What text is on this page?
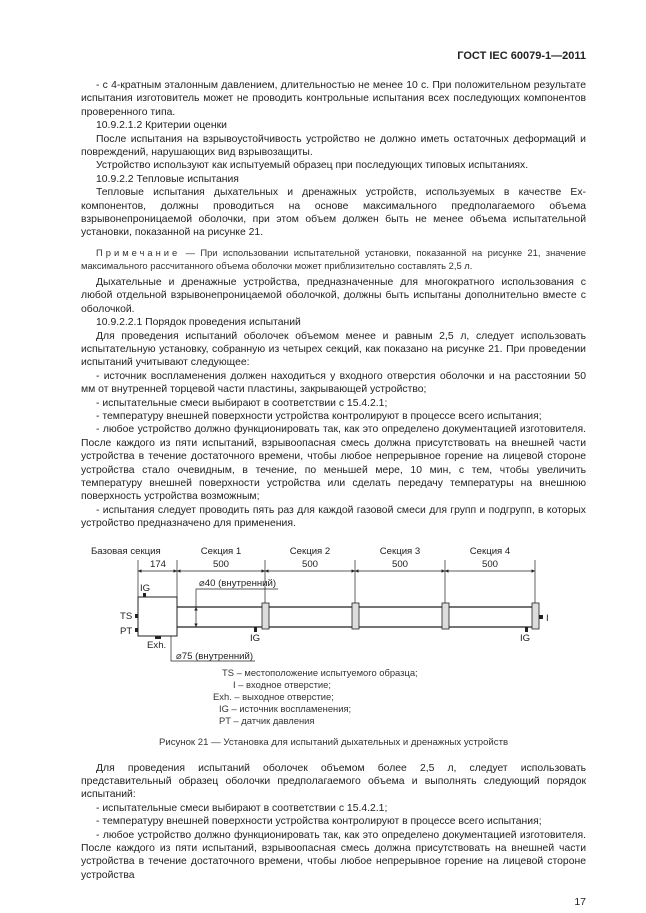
ГОСТ IEC 60079-1—2011

- с 4-кратным эталонным давлением, длительностью не менее 10 с. При положительном результате испытания изготовитель может не проводить контрольные испытания всех последующих компонентов проверенного типа.

10.9.2.1.2 Критерии оценки

После испытания на взрывоустойчивость устройство не должно иметь остаточных деформаций и повреждений, нарушающих вид взрывозащиты.

Устройство используют как испытуемый образец при последующих типовых испытаниях.

10.9.2.2 Тепловые испытания

Тепловые испытания дыхательных и дренажных устройств, используемых в качестве Ex-компонентов, должны проводиться на основе максимального предполагаемого объема взрывонепроницаемой оболочки, при этом объем должен быть не менее объема испытательной установки, показанной на рисунке 21.

Примечание — При использовании испытательной установки, показанной на рисунке 21, значение максимального рассчитанного объема оболочки может приблизительно составлять 2,5 л.

Дыхательные и дренажные устройства, предназначенные для многократного использования с любой отдельной взрывонепроницаемой оболочкой, должны быть испытаны дополнительно вместе с оболочкой.

10.9.2.2.1 Порядок проведения испытаний

Для проведения испытаний оболочек объемом менее и равным 2,5 л, следует использовать испытательную установку, собранную из четырех секций, как показано на рисунке 21. При проведении испытаний учитывают следующее:

- источник воспламенения должен находиться у входного отверстия оболочки и на расстоянии 50 мм от внутренней торцевой части пластины, закрывающей устройство;

- испытательные смеси выбирают в соответствии с 15.4.2.1;

- температуру внешней поверхности устройства контролируют в процессе всего испытания;

- любое устройство должно функционировать так, как это определено документацией изготовителя. После каждого из пяти испытаний, взрывоопасная смесь должна присутствовать на внешней части устройства в течение достаточного времени, чтобы любое непрерывное горение на лицевой стороне устройства стало очевидным, в течение, по меньшей мере, 10 мин, с тем, чтобы увеличить температуру внешней поверхности устройства или сделать передачу температуры на внешнюю поверхность устройства возможным;

- испытания следует проводить пять раз для каждой газовой смеси для групп и подгрупп, в которых устройство предназначено для применения.

Базовая секция	Секция 1	Секция 2	Секция 3	Секция 4
174	500	500	500	500
⌀40 (внутренний)
⌀75 (внутренний)
IG
TS
PT
Exh.
IG	IG
I
TS – местоположение испытуемого образца;
I – входное отверстие;
Exh. – выходное отверстие;
IG – источник воспламенения;
PT – датчик давления
Рисунок 21 — Установка для испытаний дыхательных и дренажных устройств

Для проведения испытаний оболочек объемом более 2,5 л, следует использовать представительный образец оболочки предполагаемого объема и выполнять следующий порядок испытаний:

- испытательные смеси выбирают в соответствии с 15.4.2.1;

- температуру внешней поверхности устройства контролируют в процессе всего испытания;

- любое устройство должно функционировать так, как это определено документацией изготовителя. После каждого из пяти испытаний, взрывоопасная смесь должна присутствовать на внешней части устройства в течение достаточного времени, чтобы любое непрерывное горение на лицевой стороне устройства

17
